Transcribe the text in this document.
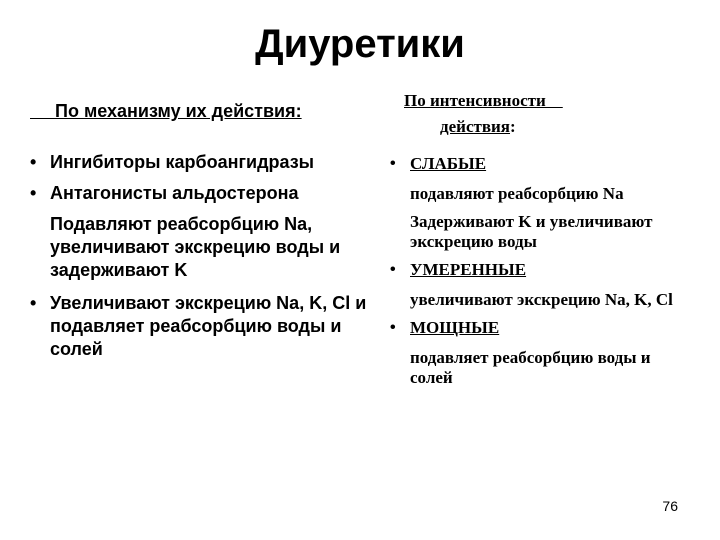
Диуретики
По механизму их действия:
• Ингибиторы карбоангидразы
• Антагонисты альдостерона
Подавляют реабсорбцию Na, увеличивают экскрецию воды и задерживают K
• Увеличивают экскрецию Na, K, Cl и подавляет реабсорбцию воды и солей
По интенсивности
действия:
• СЛАБЫЕ
подавляют реабсорбцию Na
Задерживают K и увеличивают экскрецию воды
• УМЕРЕННЫЕ
увеличивают экскрецию Na, K, Cl
• МОЩНЫЕ
подавляет реабсорбцию воды и солей
76
